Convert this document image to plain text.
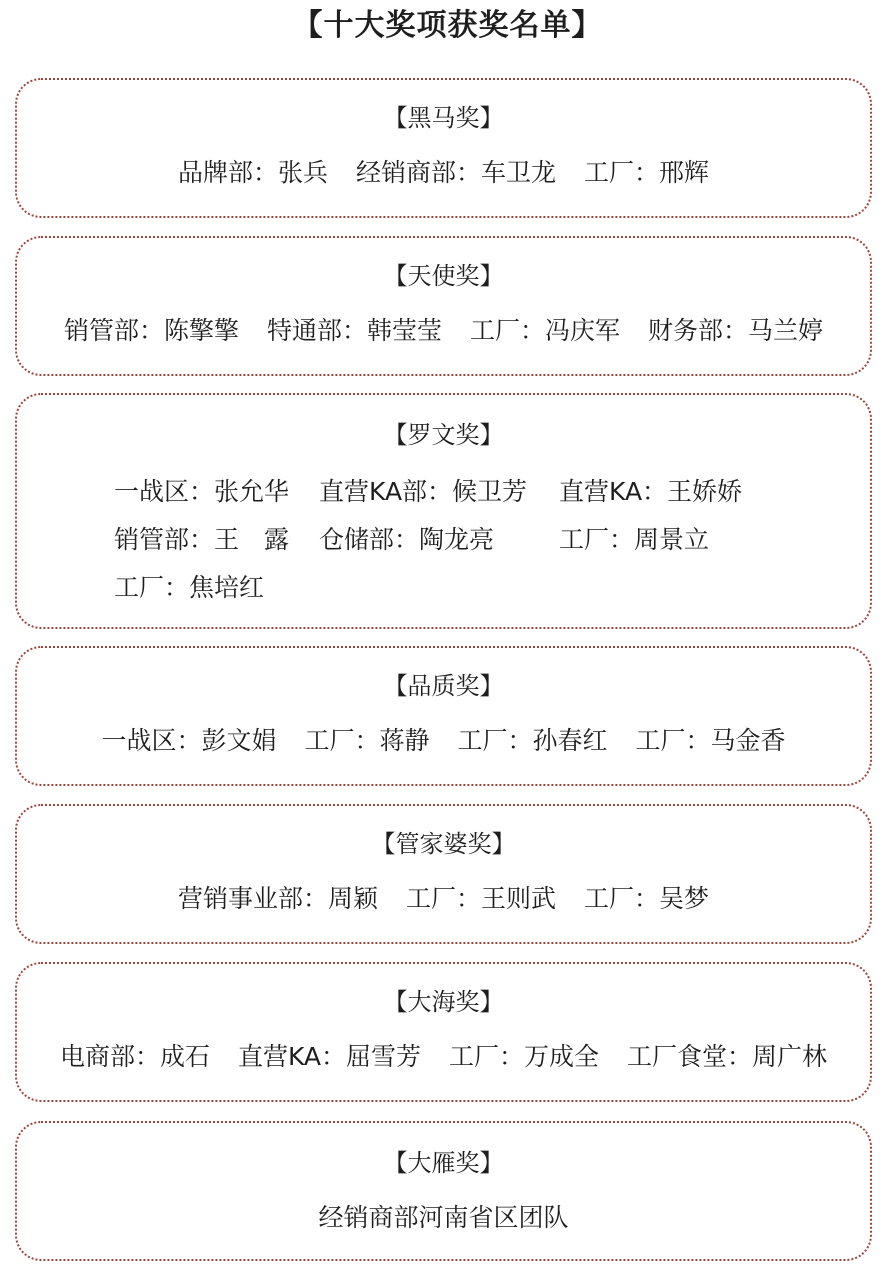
【十大奖项获奖名单】
【黑马奖】
品牌部：张兵 经销商部：车卫龙 工厂：邢辉
【天使奖】
销管部：陈擎擎 特通部：韩莹莹 工厂：冯庆军 财务部：马兰婷
【罗文奖】
一战区：张允华 直营KA部：候卫芳 直营KA：王娇娇
销管部：王　露 仓储部：陶龙亮	工厂：周景立
工厂：焦培红
【品质奖】
一战区：彭文娟 工厂：蒋静 工厂：孙春红 工厂：马金香
【管家婆奖】
营销事业部：周颖 工厂：王则武 工厂：吴梦
【大海奖】
电商部：成石 直营KA：屈雪芳 工厂：万成全 工厂食堂：周广林
【大雁奖】
经销商部河南省区团队
